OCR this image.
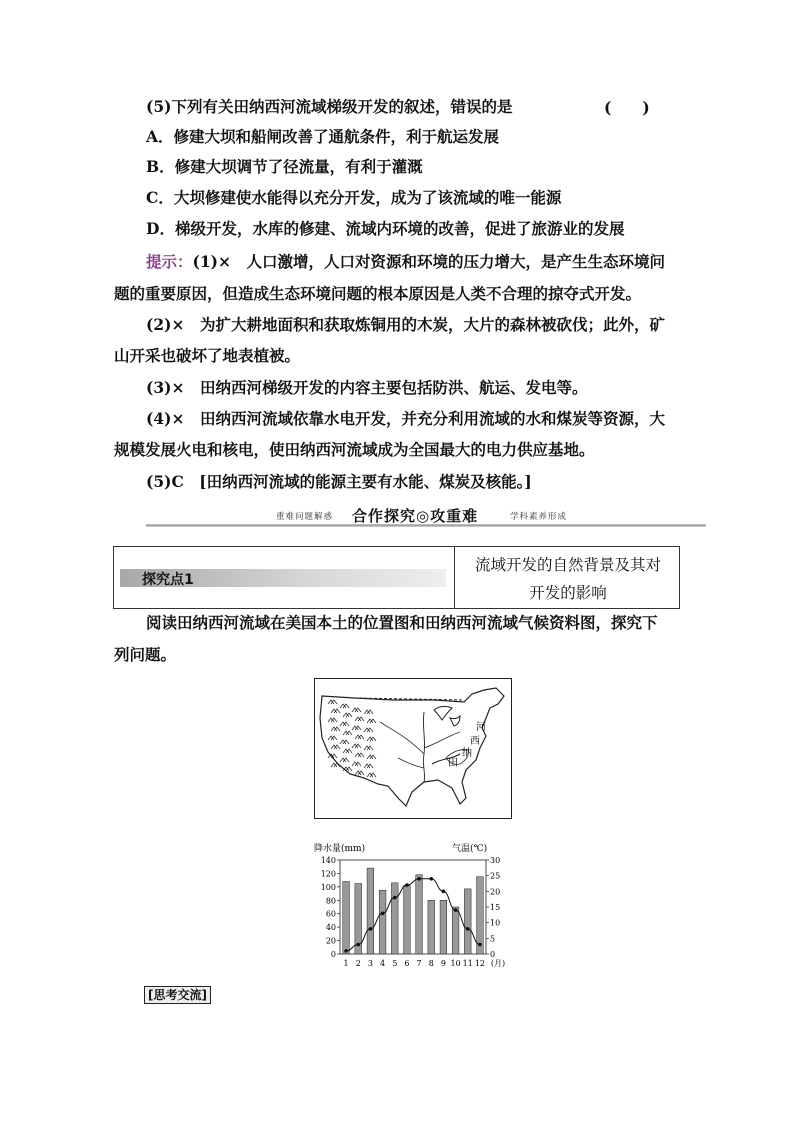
(5)下列有关田纳西河流域梯级开发的叙述，错误的是	(　　)
A．修建大坝和船闸改善了通航条件，利于航运发展
B．修建大坝调节了径流量，有利于灌溉
C．大坝修建使水能得以充分开发，成为了该流域的唯一能源
D．梯级开发，水库的修建、流域内环境的改善，促进了旅游业的发展
提示：(1)×　人口激增，人口对资源和环境的压力增大，是产生生态环境问
题的重要原因，但造成生态环境问题的根本原因是人类不合理的掠夺式开发。
(2)×　为扩大耕地面积和获取炼铜用的木炭，大片的森林被砍伐；此外，矿
山开采也破坏了地表植被。
(3)×　田纳西河梯级开发的内容主要包括防洪、航运、发电等。
(4)×　田纳西河流域依靠水电开发，并充分利用流域的水和煤炭等资源，大
规模发展火电和核电，使田纳西河流域成为全国最大的电力供应基地。
(5)C　[田纳西河流域的能源主要有水能、煤炭及核能。]
重难问题解惑 合作探究◎攻重难	学科素养形成
探究点1
流域开发的自然背景及其对
开发的影响
阅读田纳西河流域在美国本土的位置图和田纳西河流域气候资料图，探究下
列问题。
河
西
纳
田
降水量(mm)	气温(℃)
0
20
40
60
80
100
120
140
0
5
10
15
20
25
30
1 2 3 4 5 6 7 8 9 10 11 12 (月)
[思考交流]
